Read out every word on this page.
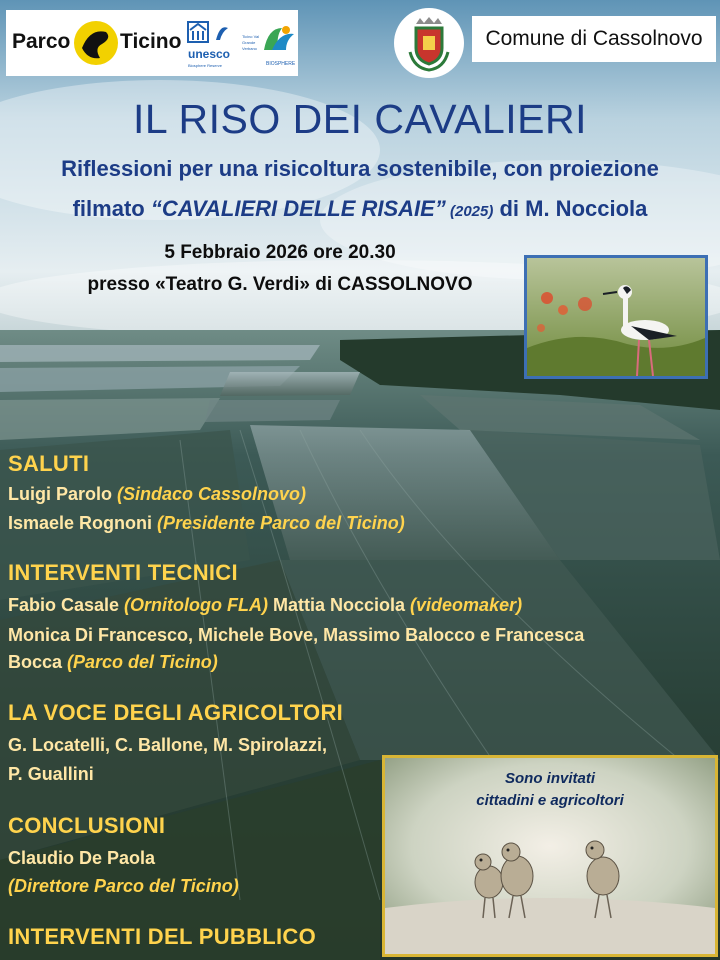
Parco Ticino
unesco
Biosphere Reserve
Ticino Val Grande Verbano
BIOSPHERE
Comune di Cassolnovo
IL RISO DEI CAVALIERI
Riflessioni per una risicoltura sostenibile, con proiezione
filmato “CAVALIERI DELLE RISAIE” (2025) di M. Nocciola
5 Febbraio 2026 ore 20.30
presso «Teatro G. Verdi» di CASSOLNOVO
SALUTI
Luigi Parolo (Sindaco Cassolnovo)
Ismaele Rognoni (Presidente Parco del Ticino)
INTERVENTI TECNICI
Fabio Casale (Ornitologo FLA) Mattia Nocciola (videomaker)
Monica Di Francesco, Michele Bove, Massimo Balocco e Francesca
Bocca (Parco del Ticino)
LA VOCE DEGLI AGRICOLTORI
G. Locatelli, C. Ballone, M. Spirolazzi,
P. Guallini
CONCLUSIONI
Claudio De Paola
(Direttore Parco del Ticino)
INTERVENTI DEL PUBBLICO
Sono invitati
cittadini e agricoltori
